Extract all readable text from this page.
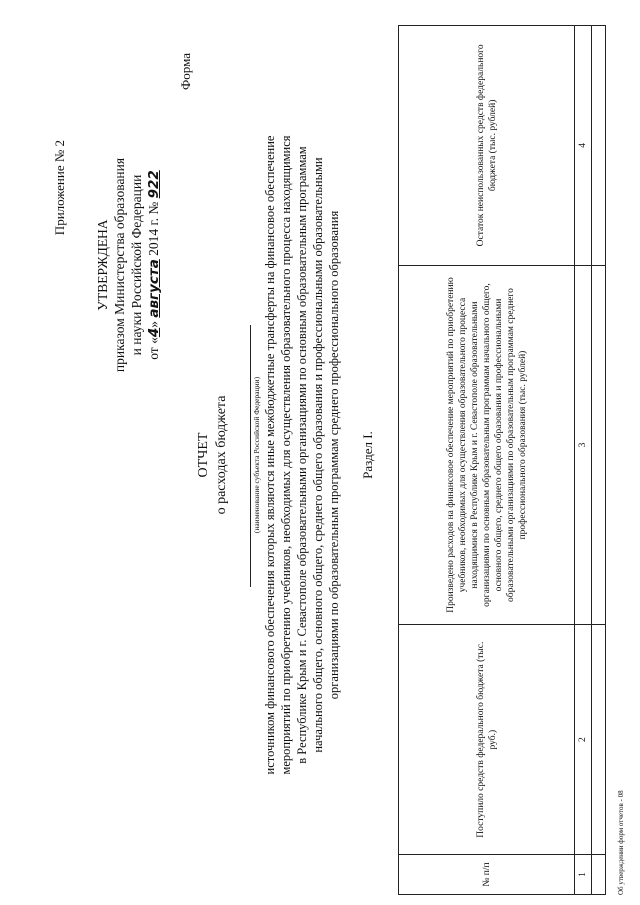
Приложение № 2
УТВЕРЖДЕНА приказом Министерства образования и науки Российской Федерации от «4» августа 2014 г. № 922
Форма
ОТЧЕТ о расходах бюджета	(наименование субъекта Российской Федерации) источником финансового обеспечения которых являются иные межбюджетные трансферты на финансовое обеспечение мероприятий по приобретению учебников, необходимых для осуществления образовательного процесса находящимися в Республике Крым и г. Севастополе образовательными организациями по основным образовательным программам начального общего, основного общего, среднего общего образования и профессиональными образовательными организациями по образовательным программам среднего профессионального образования Раздел I.
№ п/п	Поступило средств федерального бюджета (тыс. руб.)	Произведено расходов на финансовое обеспечение мероприятий по приобретению учебников, необходимых для осуществления образовательного процесса находящимися в Республике Крым и г. Севастополе образовательными организациями по основным образовательным программам начального общего, основного общего, среднего общего образования и профессиональными образовательными организациями по образовательным программам среднего профессионального образования (тыс. рублей)	Остаток неиспользованных средств федерального бюджета (тыс. рублей)
1	2	3	4

Об утверждении форм отчетов - 08
